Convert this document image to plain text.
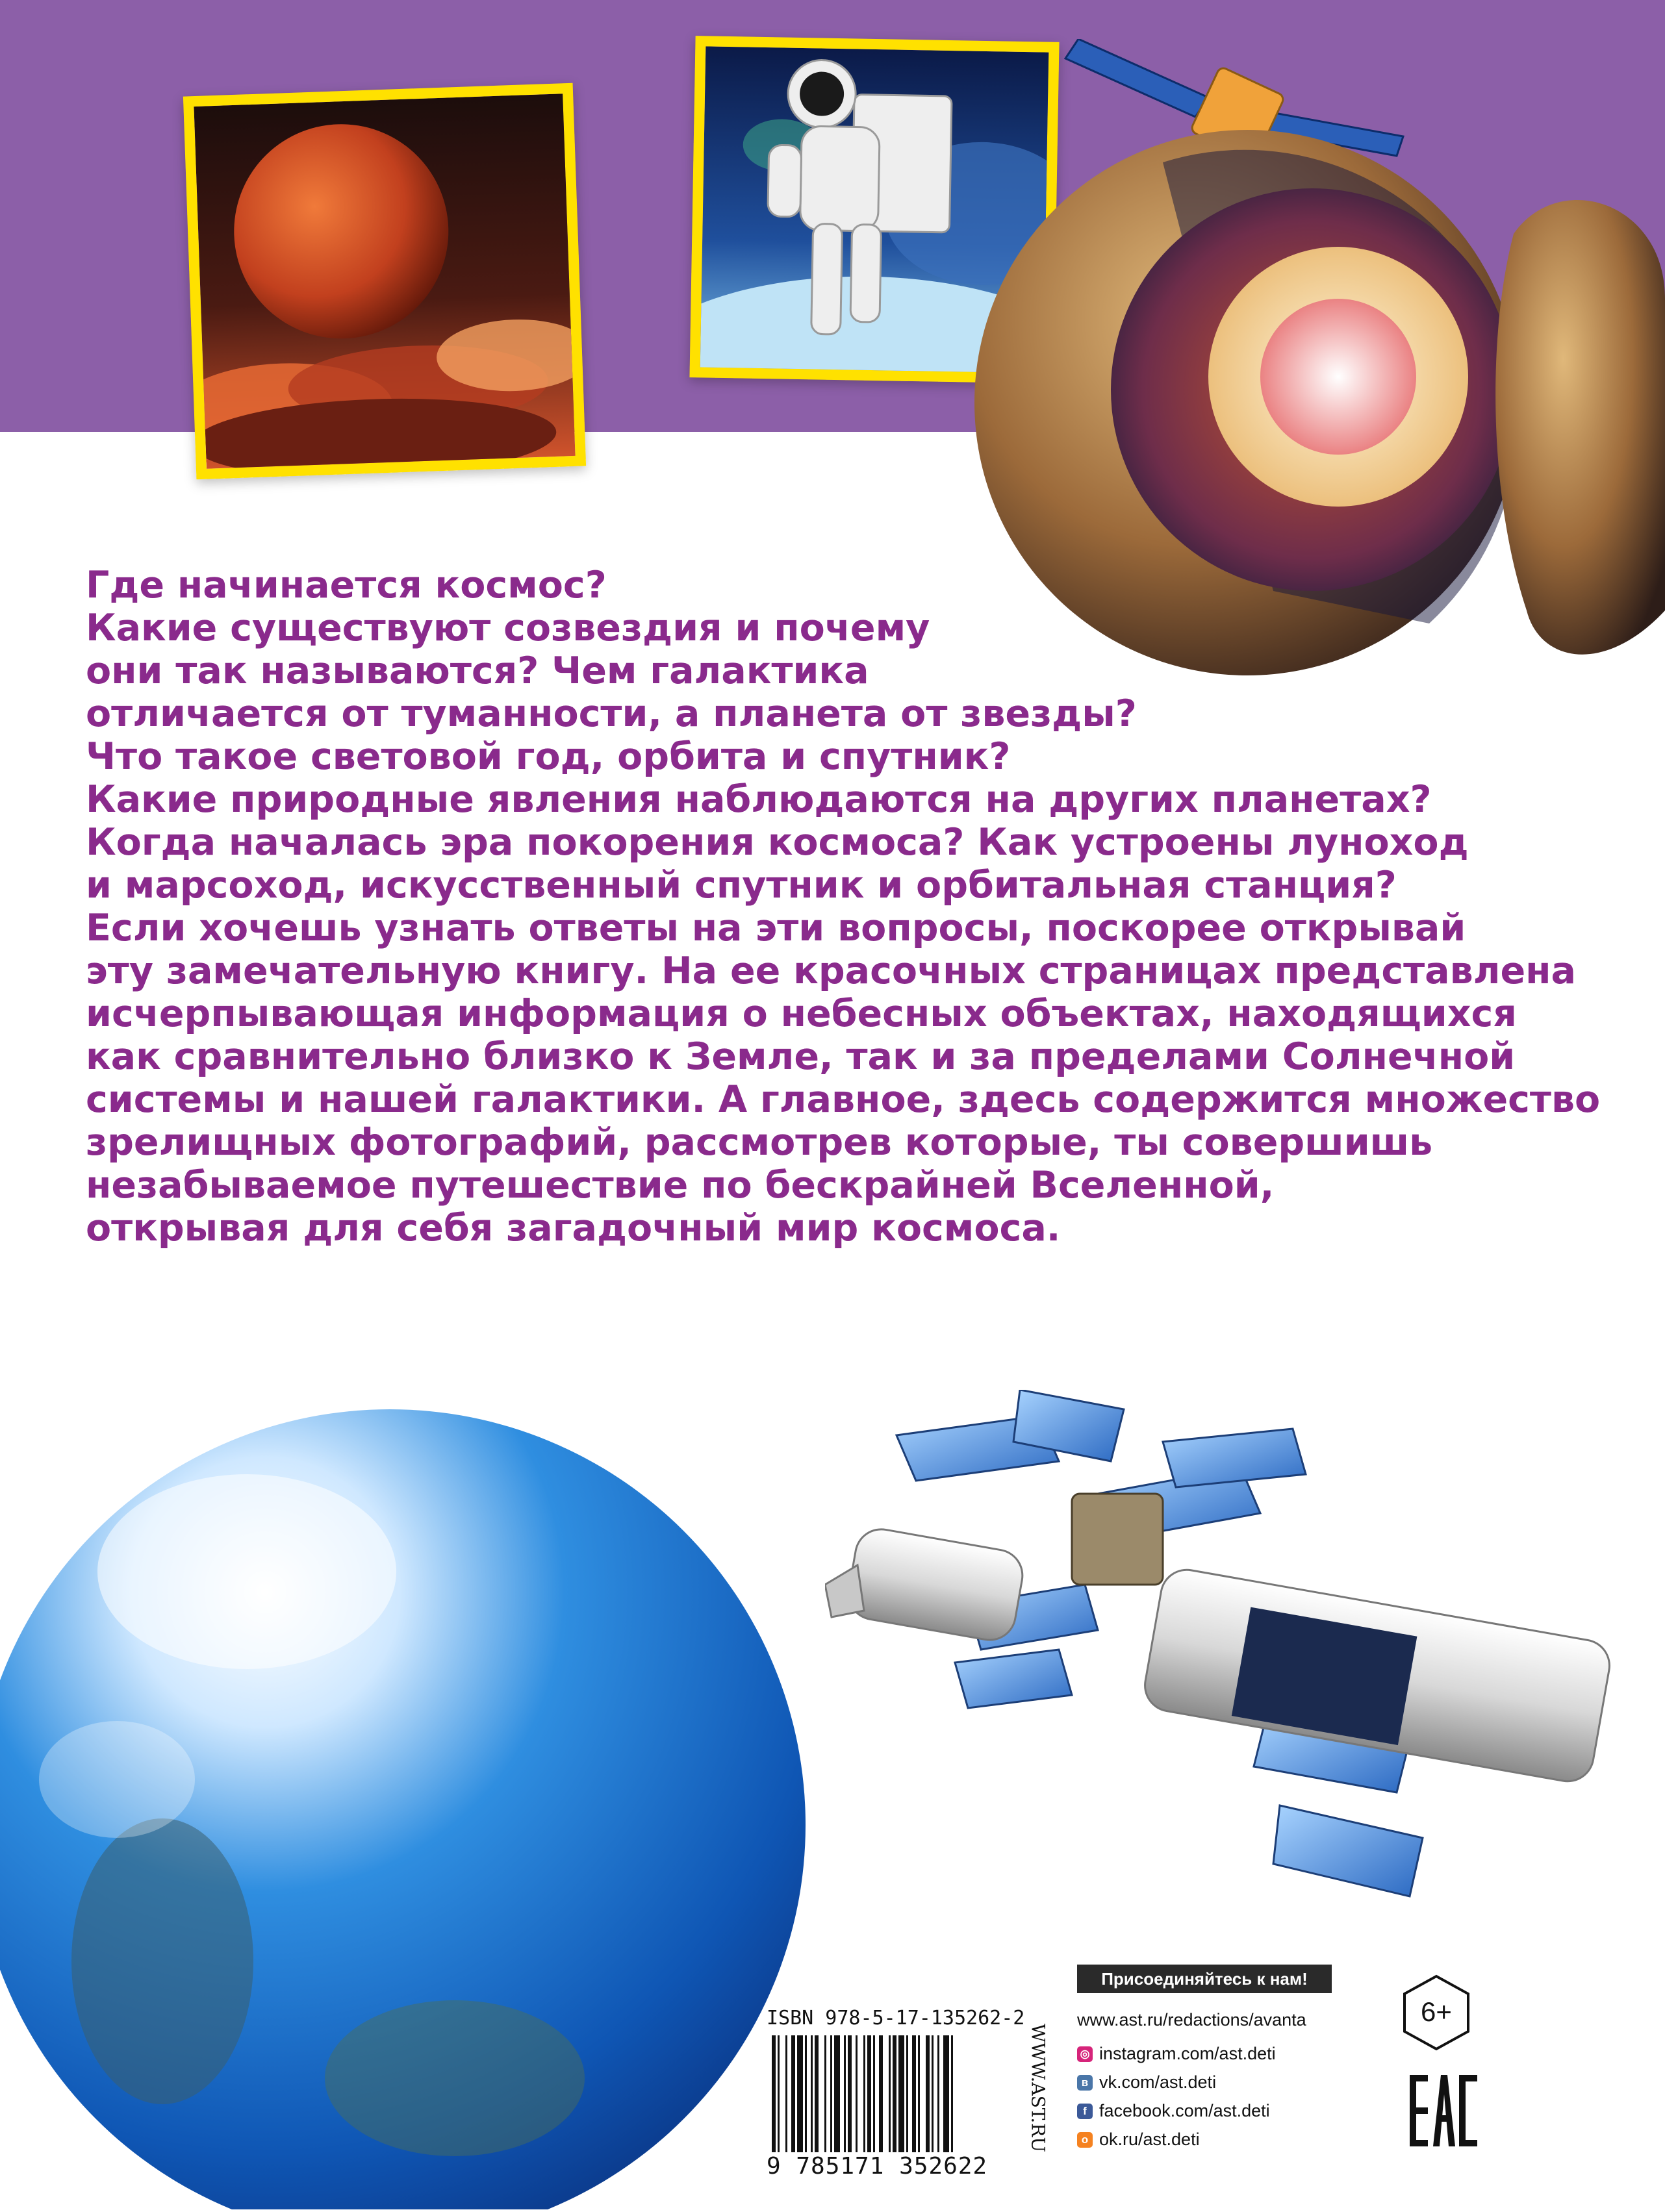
Где начинается космос?
Какие существуют созвездия и почему
они так называются? Чем галактика
отличается от туманности, а планета от звезды?
Что такое световой год, орбита и спутник?
Какие природные явления наблюдаются на других планетах?
Когда началась эра покорения космоса? Как устроены луноход
и марсоход, искусственный спутник и орбитальная станция?
Если хочешь узнать ответы на эти вопросы, поскорее открывай
эту замечательную книгу. На ее красочных страницах представлена
исчерпывающая информация о небесных объектах, находящихся
как сравнительно близко к Земле, так и за пределами Солнечной
системы и нашей галактики. А главное, здесь содержится множество
зрелищных фотографий, рассмотрев которые, ты совершишь
незабываемое путешествие по бескрайней Вселенной,
открывая для себя загадочный мир космоса.
ISBN 978-5-17-135262-2
9 785171 352622
WWW.AST.RU
Присоединяйтесь к нам!
www.ast.ru/redactions/avanta
◎ instagram.com/ast.deti
в vk.com/ast.deti
f facebook.com/ast.deti
o ok.ru/ast.deti
6+
